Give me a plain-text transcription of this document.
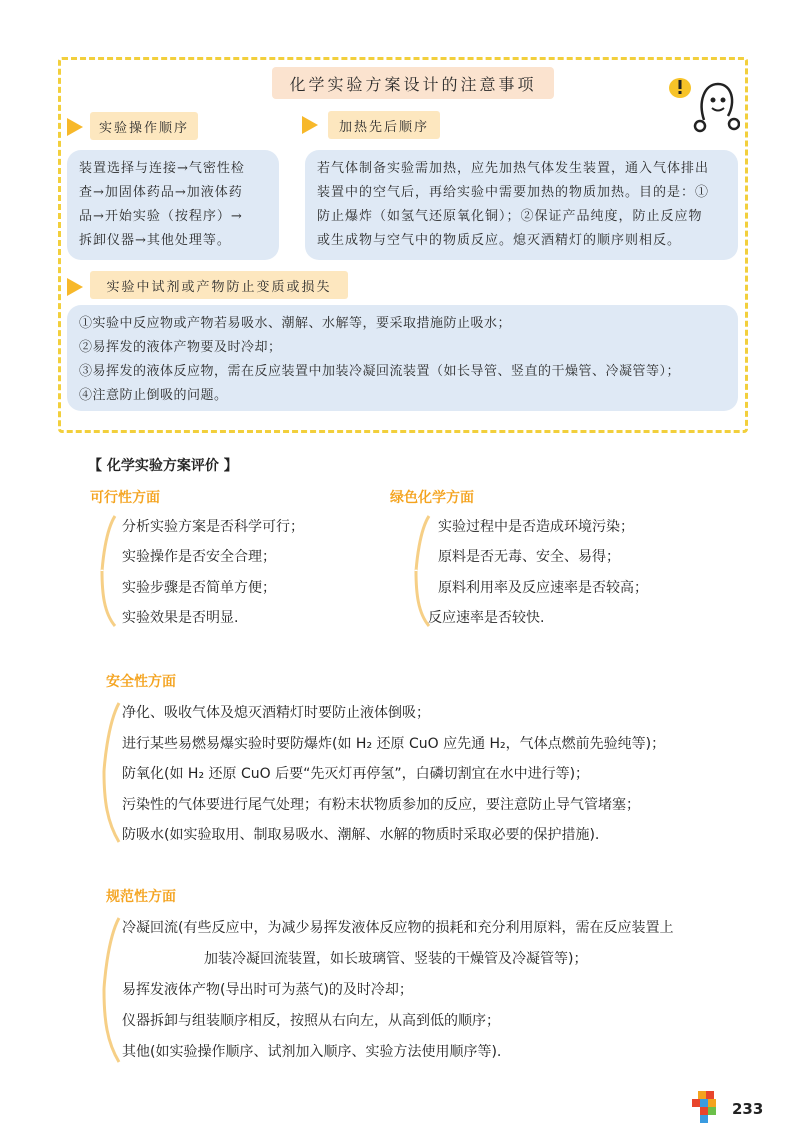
化学实验方案设计的注意事项
实验操作顺序	加热先后顺序
装置选择与连接→气密性检
查→加固体药品→加液体药
品→开始实验（按程序）→
拆卸仪器→其他处理等。
若气体制备实验需加热，应先加热气体发生装置，通入气体排出
装置中的空气后，再给实验中需要加热的物质加热。目的是：①
防止爆炸（如氢气还原氧化铜）；②保证产品纯度，防止反应物
或生成物与空气中的物质反应。熄灭酒精灯的顺序则相反。
实验中试剂或产物防止变质或损失
①实验中反应物或产物若易吸水、潮解、水解等，要采取措施防止吸水；
②易挥发的液体产物要及时冷却；
③易挥发的液体反应物，需在反应装置中加装冷凝回流装置（如长导管、竖直的干燥管、冷凝管等）；
④注意防止倒吸的问题。
【 化学实验方案评价 】
可行性方面
分析实验方案是否科学可行；
实验操作是否安全合理；
实验步骤是否简单方便；
实验效果是否明显.
绿色化学方面
实验过程中是否造成环境污染；
原料是否无毒、安全、易得；
原料利用率及反应速率是否较高；
反应速率是否较快.
安全性方面
净化、吸收气体及熄灭酒精灯时要防止液体倒吸；
进行某些易燃易爆实验时要防爆炸(如 H₂ 还原 CuO 应先通 H₂，气体点燃前先验纯等)；
防氧化(如 H₂ 还原 CuO 后要“先灭灯再停氢”，白磷切割宜在水中进行等)；
污染性的气体要进行尾气处理；有粉末状物质参加的反应，要注意防止导气管堵塞；
防吸水(如实验取用、制取易吸水、潮解、水解的物质时采取必要的保护措施).
规范性方面
冷凝回流(有些反应中，为减少易挥发液体反应物的损耗和充分利用原料，需在反应装置上
加装冷凝回流装置，如长玻璃管、竖装的干燥管及冷凝管等)；
易挥发液体产物(导出时可为蒸气)的及时冷却；
仪器拆卸与组装顺序相反，按照从右向左，从高到低的顺序；
其他(如实验操作顺序、试剂加入顺序、实验方法使用顺序等).
233
